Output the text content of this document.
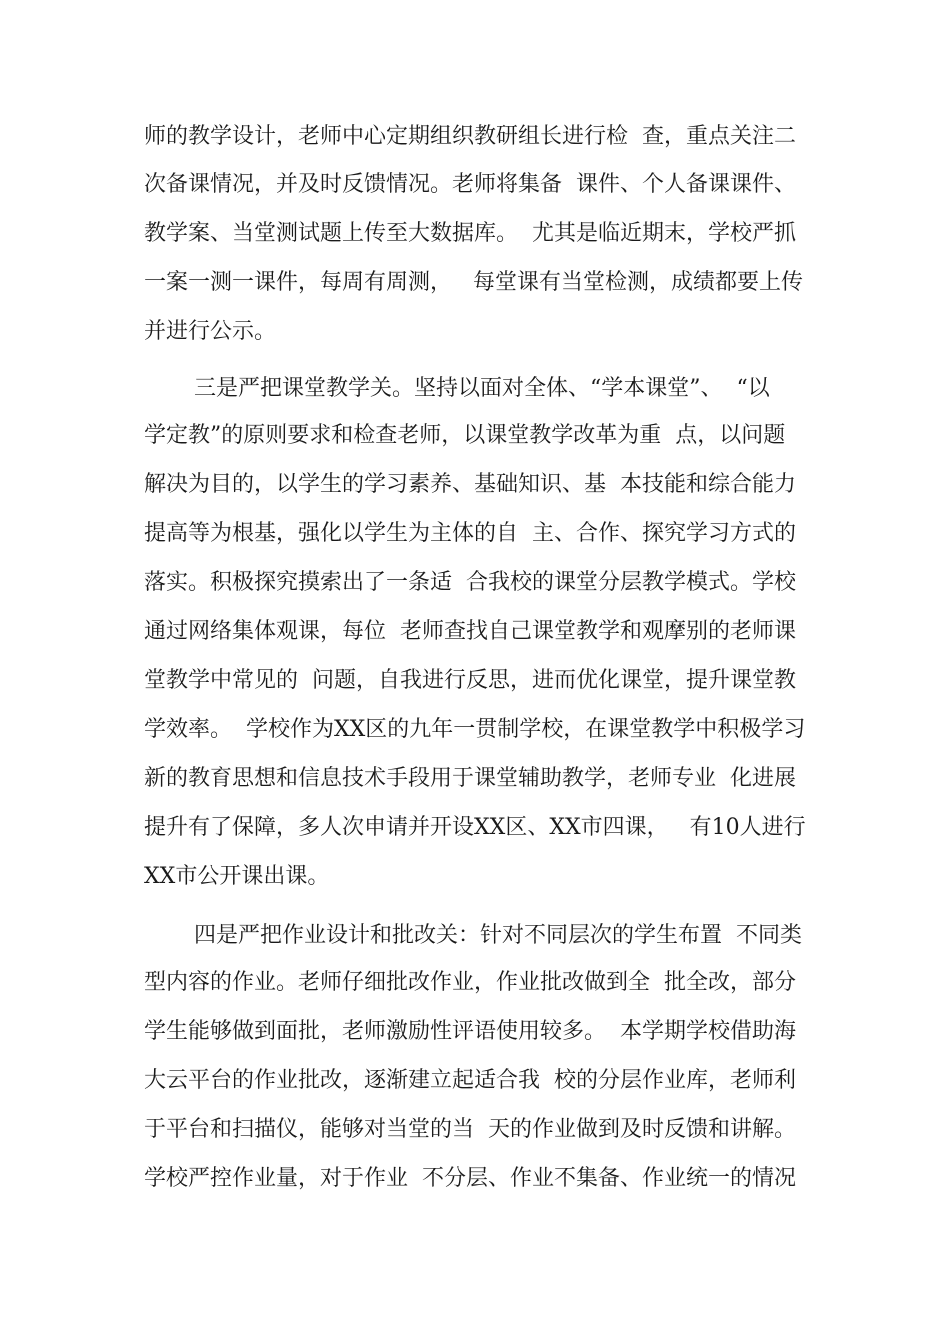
师的教学设计，老师中心定期组织教研组长进行检  查，重点关注二
次备课情况，并及时反馈情况。老师将集备  课件、个人备课课件、
教学案、当堂测试题上传至大数据库。  尤其是临近期末，学校严抓
一案一测一课件，每周有周测，   每堂课有当堂检测，成绩都要上传
并进行公示。
三是严把课堂教学关。坚持以面对全体、“学本课堂”、  “以
学定教”的原则要求和检查老师，以课堂教学改革为重  点，以问题
解决为目的，以学生的学习素养、基础知识、基  本技能和综合能力
提高等为根基，强化以学生为主体的自  主、合作、探究学习方式的
落实。积极探究摸索出了一条适  合我校的课堂分层教学模式。学校
通过网络集体观课，每位  老师查找自己课堂教学和观摩别的老师课
堂教学中常见的  问题，自我进行反思，进而优化课堂，提升课堂教
学效率。  学校作为XX区的九年一贯制学校，在课堂教学中积极学习
新的教育思想和信息技术手段用于课堂辅助教学，老师专业  化进展
提升有了保障，多人次申请并开设XX区、XX市四课，   有10人进行
XX市公开课出课。
四是严把作业设计和批改关：针对不同层次的学生布置  不同类
型内容的作业。老师仔细批改作业，作业批改做到全  批全改，部分
学生能够做到面批，老师激励性评语使用较多。  本学期学校借助海
大云平台的作业批改，逐渐建立起适合我  校的分层作业库，老师利
于平台和扫描仪，能够对当堂的当  天的作业做到及时反馈和讲解。
学校严控作业量，对于作业  不分层、作业不集备、作业统一的情况
